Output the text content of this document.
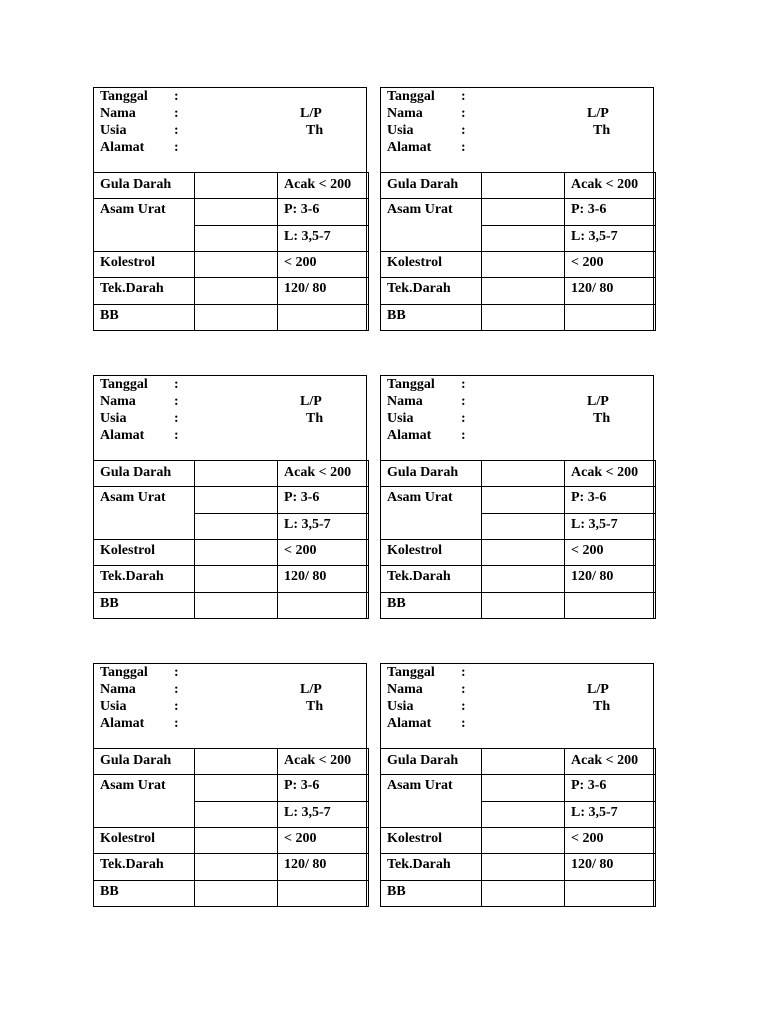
Tanggal :
Nama	:	L/P
Usia	:	Th
Alamat :
Gula Darah		Acak < 200
Asam Urat		P: 3-6
		L: 3,5-7
Kolestrol		< 200
Tek.Darah		120/ 80
BB		
Tanggal :
Nama	:	L/P
Usia	:	Th
Alamat :
Gula Darah		Acak < 200
Asam Urat		P: 3-6
		L: 3,5-7
Kolestrol		< 200
Tek.Darah		120/ 80
BB		
Tanggal :
Nama	:	L/P
Usia	:	Th
Alamat :
Gula Darah		Acak < 200
Asam Urat		P: 3-6
		L: 3,5-7
Kolestrol		< 200
Tek.Darah		120/ 80
BB		
Tanggal :
Nama	:	L/P
Usia	:	Th
Alamat :
Gula Darah		Acak < 200
Asam Urat		P: 3-6
		L: 3,5-7
Kolestrol		< 200
Tek.Darah		120/ 80
BB		
Tanggal :
Nama	:	L/P
Usia	:	Th
Alamat :
Gula Darah		Acak < 200
Asam Urat		P: 3-6
		L: 3,5-7
Kolestrol		< 200
Tek.Darah		120/ 80
BB		
Tanggal :
Nama	:	L/P
Usia	:	Th
Alamat :
Gula Darah		Acak < 200
Asam Urat		P: 3-6
		L: 3,5-7
Kolestrol		< 200
Tek.Darah		120/ 80
BB		
